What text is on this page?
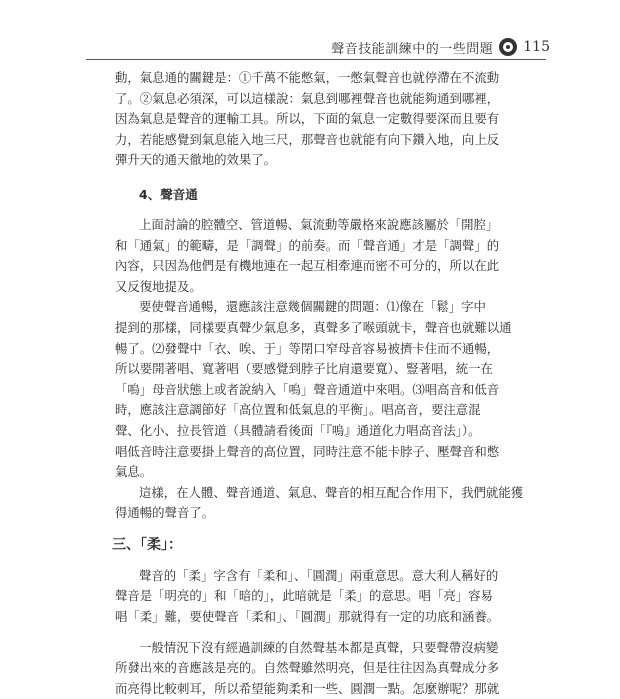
聲音技能訓練中的一些問題 115
動，氣息通的關鍵是：①千萬不能憋氣，一憋氣聲音也就停滯在不流動
了。②氣息必須深，可以這樣說：氣息到哪裡聲音也就能夠通到哪裡，
因為氣息是聲音的運輸工具。所以，下面的氣息一定數得要深而且要有
力，若能感覺到氣息能入地三尺，那聲音也就能有向下鑽入地，向上反
彈升天的通天徹地的效果了。
4、聲音通
上面討論的腔體空、管道暢、氣流動等嚴格來說應該屬於「開腔」
和「通氣」的範疇，是「調聲」的前奏。而「聲音通」才是「調聲」的
內容，只因為他們是有機地連在一起互相牽連而密不可分的，所以在此
又反復地提及。
要使聲音通暢，還應該注意幾個關鍵的問題：⑴像在「鬆」字中
提到的那樣，同樣要真聲少氣息多，真聲多了喉頭就卡，聲音也就難以通
暢了。⑵發聲中「衣、唉、于」等閉口窄母音容易被擠卡住而不通暢，
所以要開著唱、寬著唱（要感覺到脖子比肩還要寬）、豎著唱，統一在
「嗚」母音狀態上或者說納入「嗚」聲音通道中來唱。⑶唱高音和低音
時，應該注意調節好「高位置和低氣息的平衡」。唱高音，要注意混
聲、化小、拉長管道（具體請看後面「『嗚』通道化力唱高音法」）。
唱低音時注意要掛上聲音的高位置，同時注意不能卡脖子、壓聲音和憋
氣息。
這樣，在人體、聲音通道、氣息、聲音的相互配合作用下，我們就能獲
得通暢的聲音了。
三、「柔」：
聲音的「柔」字含有「柔和」、「圓潤」兩重意思。意大利人稱好的
聲音是「明亮的」和「暗的」，此暗就是「柔」的意思。唱「亮」容易
唱「柔」難，要使聲音「柔和」、「圓潤」那就得有一定的功底和涵養。
一般情況下沒有經過訓練的自然聲基本都是真聲，只要聲帶沒病變
所發出來的音應該是亮的。自然聲雖然明亮，但是往往因為真聲成分多
而亮得比較刺耳，所以希望能夠柔和一些、圓潤一點。怎麼辦呢？那就
